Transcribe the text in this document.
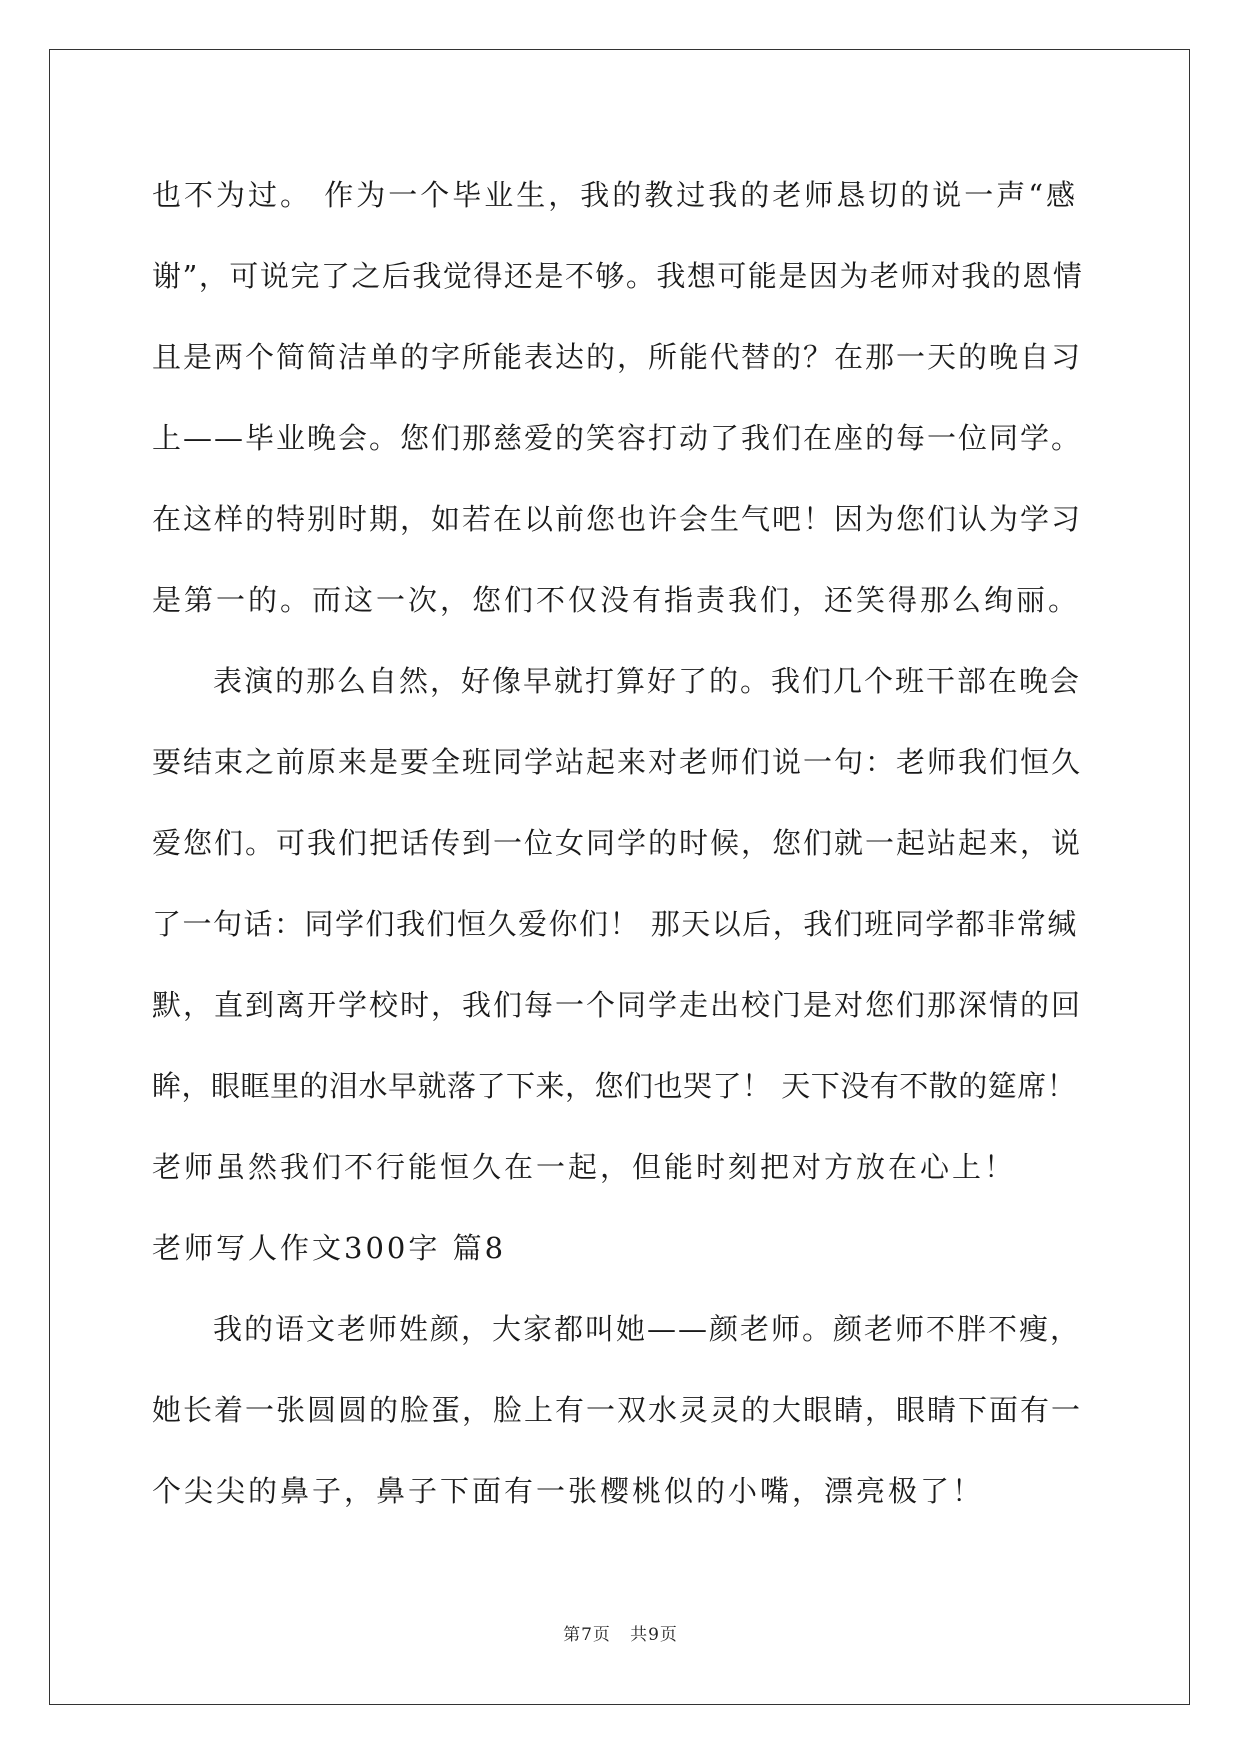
也不为过。 作为一个毕业生，我的教过我的老师恳切的说一声“感
谢”，可说完了之后我觉得还是不够。我想可能是因为老师对我的恩情
且是两个简简洁单的字所能表达的，所能代替的？在那一天的晚自习
上——毕业晚会。您们那慈爱的笑容打动了我们在座的每一位同学。
在这样的特别时期，如若在以前您也许会生气吧！因为您们认为学习
是第一的。而这一次，您们不仅没有指责我们，还笑得那么绚丽。
表演的那么自然，好像早就打算好了的。我们几个班干部在晚会
要结束之前原来是要全班同学站起来对老师们说一句：老师我们恒久
爱您们。可我们把话传到一位女同学的时候，您们就一起站起来，说
了一句话：同学们我们恒久爱你们！ 那天以后，我们班同学都非常缄
默，直到离开学校时，我们每一个同学走出校门是对您们那深情的回
眸，眼眶里的泪水早就落了下来，您们也哭了！ 天下没有不散的筵席！
老师虽然我们不行能恒久在一起，但能时刻把对方放在心上！
老师写人作文300字 篇8
我的语文老师姓颜，大家都叫她——颜老师。颜老师不胖不瘦，
她长着一张圆圆的脸蛋，脸上有一双水灵灵的大眼睛，眼睛下面有一
个尖尖的鼻子，鼻子下面有一张樱桃似的小嘴，漂亮极了！
第7页   共9页
